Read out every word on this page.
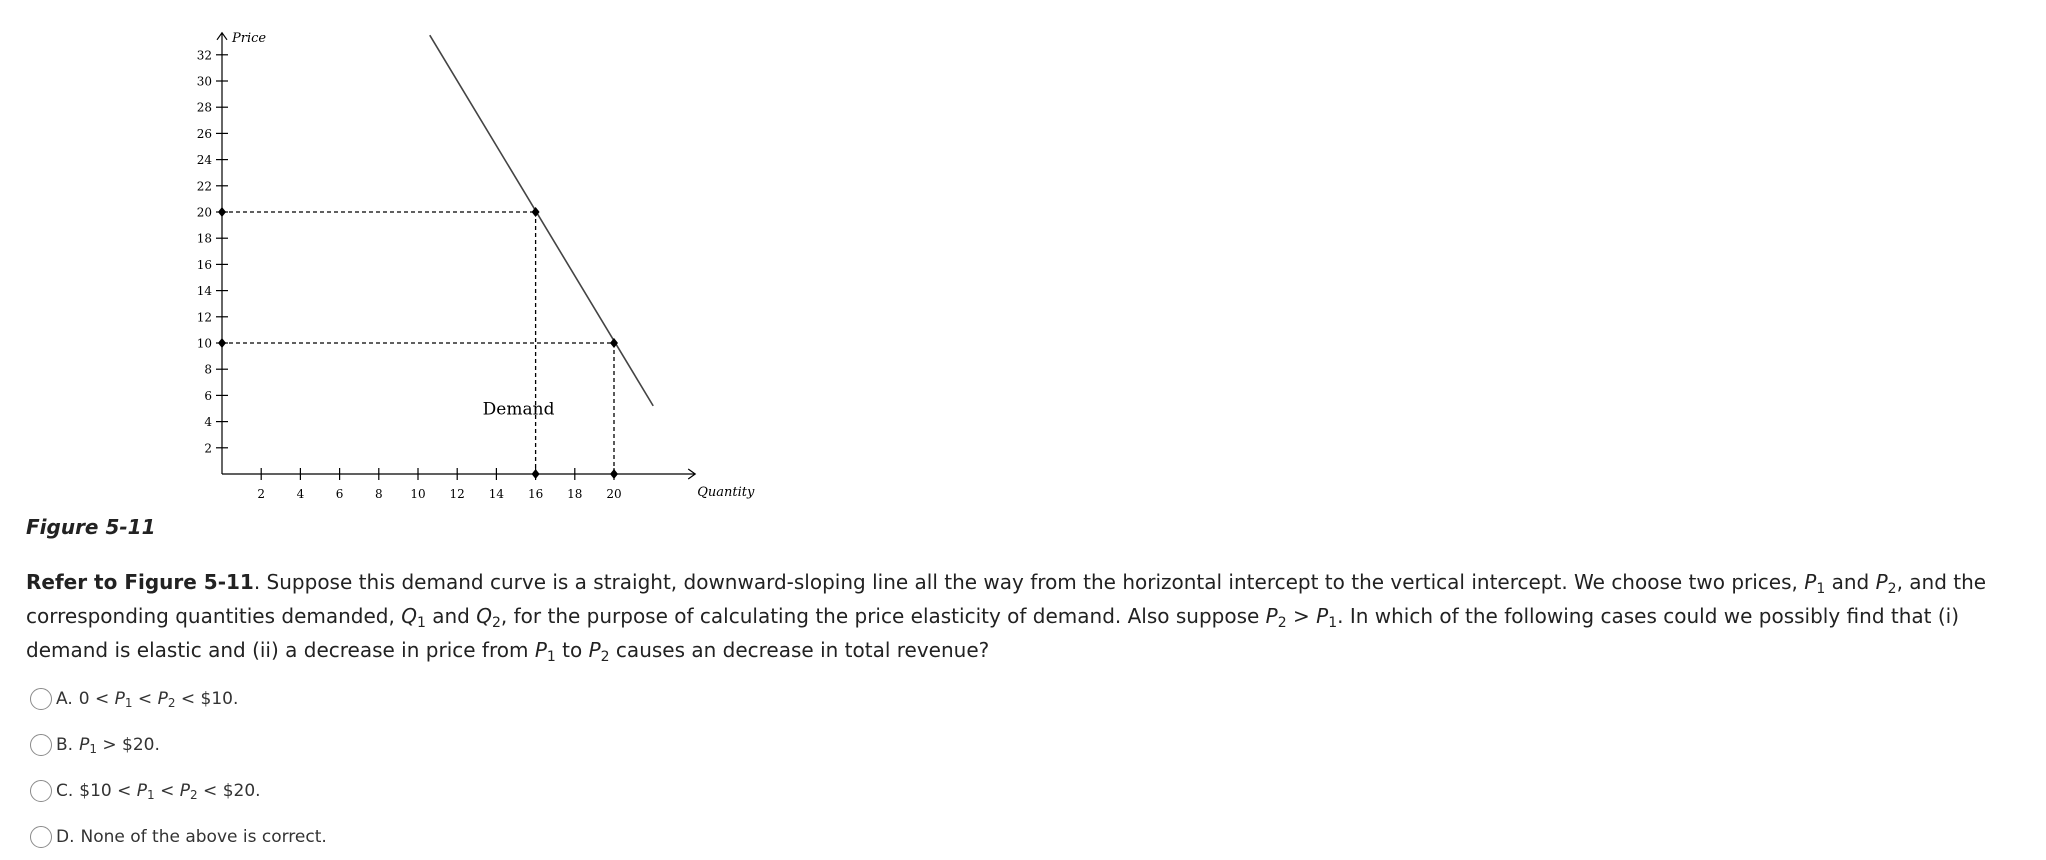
2
4
6
8
10
12
14
16
18
20
22
24
26
28
30
32
2	4	6	8 10 12 14 16 18 20
Price
Quantity
Demand
Figure 5-11
Refer to Figure 5-11. Suppose this demand curve is a straight, downward-sloping line all the way from the horizontal intercept to the vertical intercept. We choose two prices, $P_1$ and $P_2$, and the corresponding quantities demanded, $Q_1$ and $Q_2$, for the purpose of calculating the price elasticity of demand. Also suppose $P_2 > P_1$. In which of the following cases could we possibly find that (i) demand is elastic and (ii) a decrease in price from $P_1$ to $P_2$ causes an decrease in total revenue?
A. $0 < P_1 < P_2$ < $10.
B. $P_1$ > $20.
C. $10 < $P_1 < P_2$ < $20.
D. None of the above is correct.
